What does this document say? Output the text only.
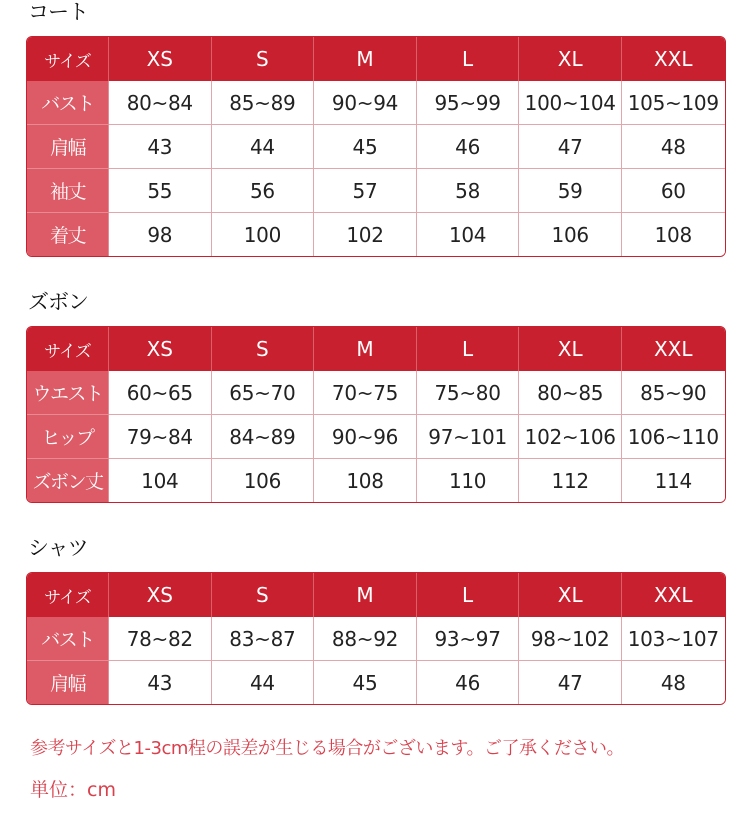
コート
サイズ	XS	S	M	L	XL	XXL
バスト	80~84	85~89	90~94	95~99	100~104	105~109
肩幅	43	44	45	46	47	48
袖丈	55	56	57	58	59	60
着丈	98	100	102	104	106	108
ズボン
サイズ	XS	S	M	L	XL	XXL
ウエスト	60~65	65~70	70~75	75~80	80~85	85~90
ヒップ	79~84	84~89	90~96	97~101	102~106	106~110
ズボン丈	104	106	108	110	112	114
シャツ
サイズ	XS	S	M	L	XL	XXL
バスト	78~82	83~87	88~92	93~97	98~102	103~107
肩幅	43	44	45	46	47	48
参考サイズと1-3cm程の誤差が生じる場合がございます。ご了承ください。
単位：cm
